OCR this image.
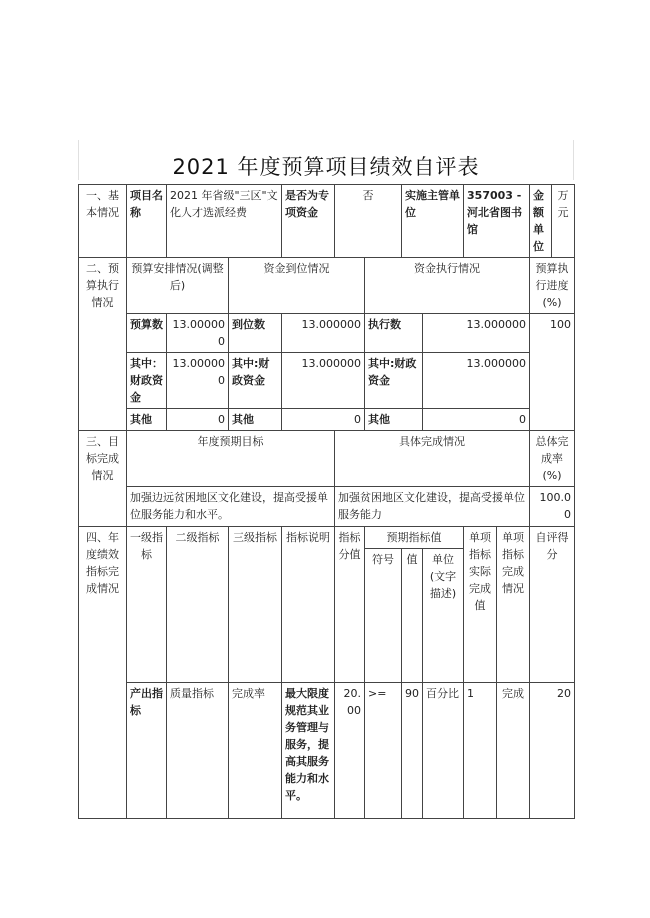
2021 年度预算项目绩效自评表
一、基本情况	项目名称	2021 年省级"三区"文化人才选派经费		是否为专项资金	否		实施主管单位		357003 - 河北省图书馆		金额单位	万元
二、预算执行情况	预算安排情况(调整后)		资金到位情况			资金执行情况					预算执行进度(%)	
	预算数	13.000000	到位数	13.000000		执行数		13.000000			100	
	其中：财政资金	13.000000	其中:财政资金	13.000000		其中:财政资金		13.000000				
	其他	0	其他	0		其他		0				
三、目标完成情况	年度预期目标				具体完成情况						总体完成率(%)	
	加强边远贫困地区文化建设，提高受援单位服务能力和水平。				加强贫困地区文化建设，提高受援单位服务能力						100.00	
四、年度绩效指标完成情况	一级指标	二级指标	三级指标	指标说明	指标分值	预期指标值			单项指标实际完成值	单项指标完成情况	自评得分	
						符号	值	单位(文字描述)				
	产出指标	质量指标	完成率	最大限度规范其业务管理与服务，提高其服务能力和水平。	20.00	>=	90	百分比	1	完成	20	
